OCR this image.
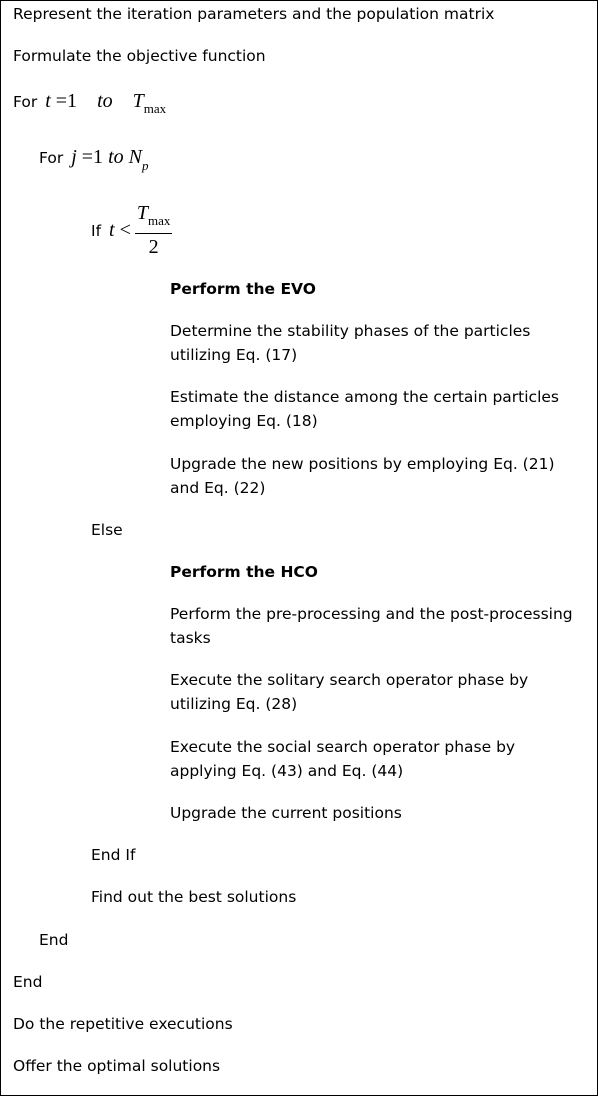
Represent the iteration parameters and the population matrix
Formulate the objective function
For t =1 to $T_{max}$
For j =1 to $N_p$
If $t < \frac{T_{max}}{2}$
Perform the EVO
Determine the stability phases of the particles utilizing Eq. (17)
Estimate the distance among the certain particles employing Eq. (18)
Upgrade the new positions by employing Eq. (21) and Eq. (22)
Else
Perform the HCO
Perform the pre-processing and the post-processing tasks
Execute the solitary search operator phase by utilizing Eq. (28)
Execute the social search operator phase by applying Eq. (43) and Eq. (44)
Upgrade the current positions
End If
Find out the best solutions
End
End
Do the repetitive executions
Offer the optimal solutions
